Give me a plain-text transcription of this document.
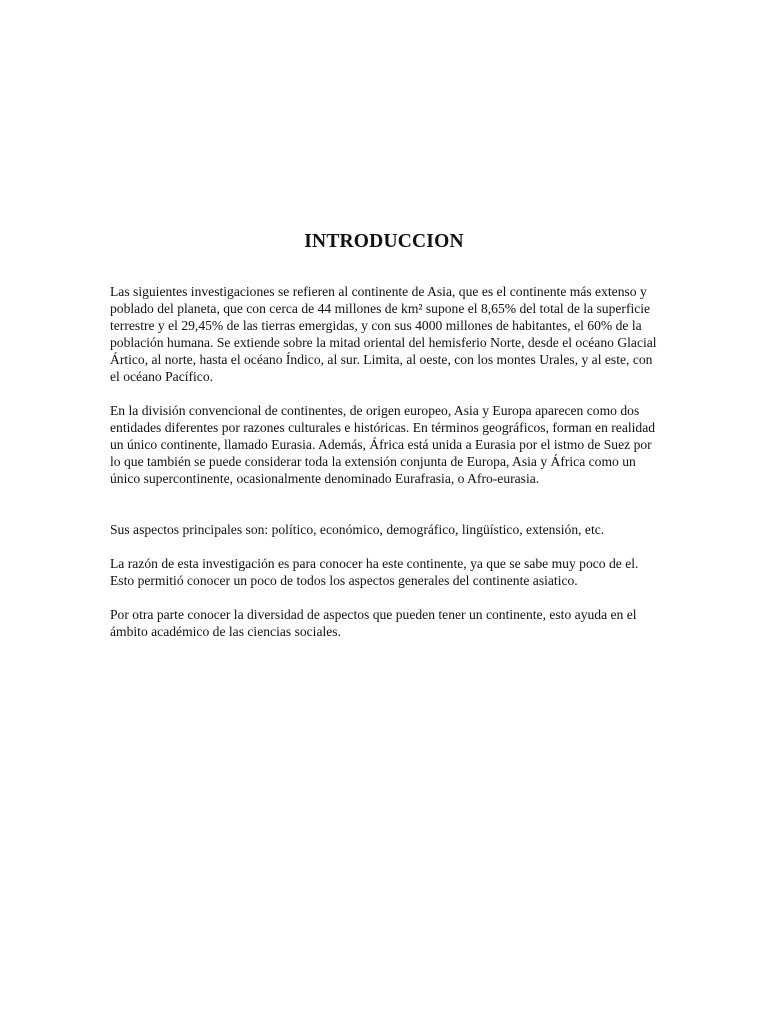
INTRODUCCION

Las siguientes investigaciones se refieren al continente de Asia, que es el continente más extenso y poblado del planeta, que con cerca de 44 millones de km² supone el 8,65% del total de la superficie terrestre y el 29,45% de las tierras emergidas, y con sus 4000 millones de habitantes, el 60% de la población humana. Se extiende sobre la mitad oriental del hemisferio Norte, desde el océano Glacial Ártico, al norte, hasta el océano Índico, al sur. Limita, al oeste, con los montes Urales, y al este, con el océano Pacífico.

En la división convencional de continentes, de origen europeo, Asia y Europa aparecen como dos entidades diferentes por razones culturales e históricas. En términos geográficos, forman en realidad un único continente, llamado Eurasia. Además, África está unida a Eurasia por el istmo de Suez por lo que también se puede considerar toda la extensión conjunta de Europa, Asia y África como un único supercontinente, ocasionalmente denominado Eurafrasia, o Afro-eurasia.

Sus aspectos principales son: político, económico, demográfico, lingüístico, extensión, etc.

La razón de esta investigación es para conocer ha este continente, ya que se sabe muy poco de el. Esto permitió conocer un poco de todos los aspectos generales del continente asiatico.

Por otra parte conocer la diversidad de aspectos que pueden tener un continente, esto ayuda en el ámbito académico de las ciencias sociales.
